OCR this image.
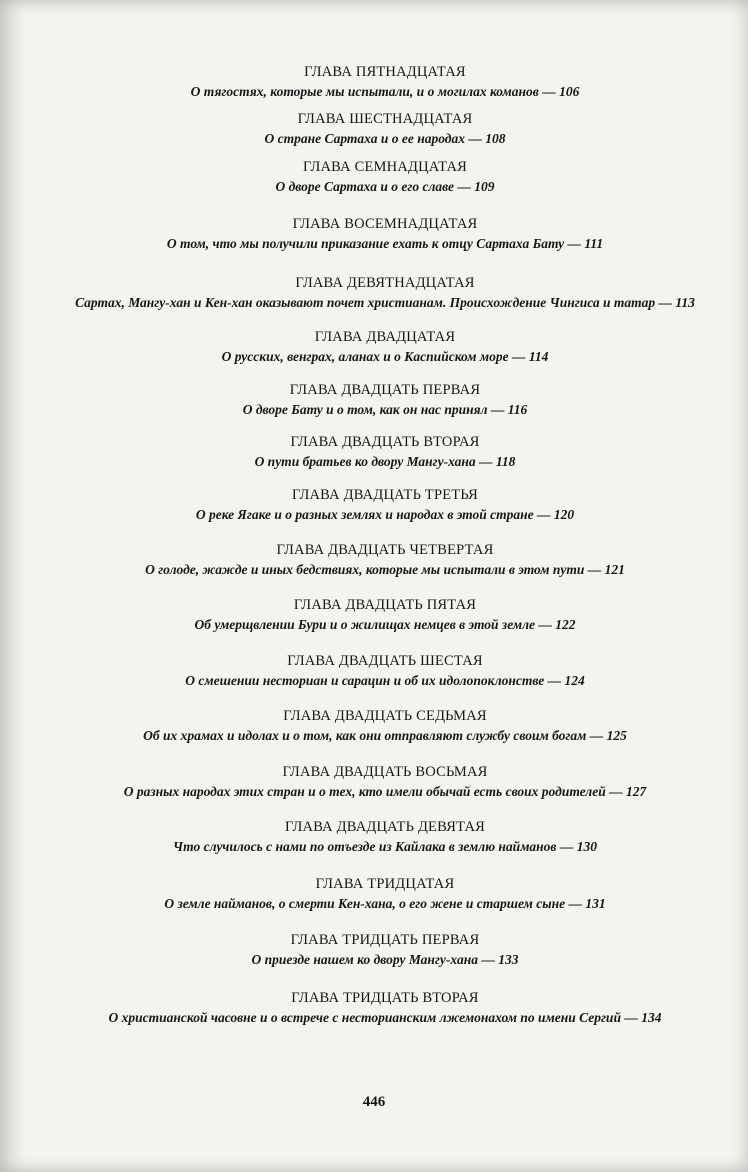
ГЛАВА ПЯТНАДЦАТАЯ
О тягостях, которые мы испытали, и о могилах команов — 106
ГЛАВА ШЕСТНАДЦАТАЯ
О стране Сартаха и о ее народах — 108
ГЛАВА СЕМНАДЦАТАЯ
О дворе Сартаха и о его славе — 109
ГЛАВА ВОСЕМНАДЦАТАЯ
О том, что мы получили приказание ехать к отцу Сартаха Бату — 111
ГЛАВА ДЕВЯТНАДЦАТАЯ
Сартах, Мангу-хан и Кен-хан оказывают почет христианам. Происхождение Чингиса и татар — 113
ГЛАВА ДВАДЦАТАЯ
О русских, венграх, аланах и о Каспийском море — 114
ГЛАВА ДВАДЦАТЬ ПЕРВАЯ
О дворе Бату и о том, как он нас принял — 116
ГЛАВА ДВАДЦАТЬ ВТОРАЯ
О пути братьев ко двору Мангу-хана — 118
ГЛАВА ДВАДЦАТЬ ТРЕТЬЯ
О реке Ягаке и о разных землях и народах в этой стране — 120
ГЛАВА ДВАДЦАТЬ ЧЕТВЕРТАЯ
О голоде, жажде и иных бедствиях, которые мы испытали в этом пути — 121
ГЛАВА ДВАДЦАТЬ ПЯТАЯ
Об умерщвлении Бури и о жилищах немцев в этой земле — 122
ГЛАВА ДВАДЦАТЬ ШЕСТАЯ
О смешении несториан и сарацин и об их идолопоклонстве — 124
ГЛАВА ДВАДЦАТЬ СЕДЬМАЯ
Об их храмах и идолах и о том, как они отправляют службу своим богам — 125
ГЛАВА ДВАДЦАТЬ ВОСЬМАЯ
О разных народах этих стран и о тех, кто имели обычай есть своих родителей — 127
ГЛАВА ДВАДЦАТЬ ДЕВЯТАЯ
Что случилось с нами по отъезде из Кайлака в землю найманов — 130
ГЛАВА ТРИДЦАТАЯ
О земле найманов, о смерти Кен-хана, о его жене и старшем сыне — 131
ГЛАВА ТРИДЦАТЬ ПЕРВАЯ
О приезде нашем ко двору Мангу-хана — 133
ГЛАВА ТРИДЦАТЬ ВТОРАЯ
О христианской часовне и о встрече с несторианским лжемонахом по имени Сергий — 134
446
